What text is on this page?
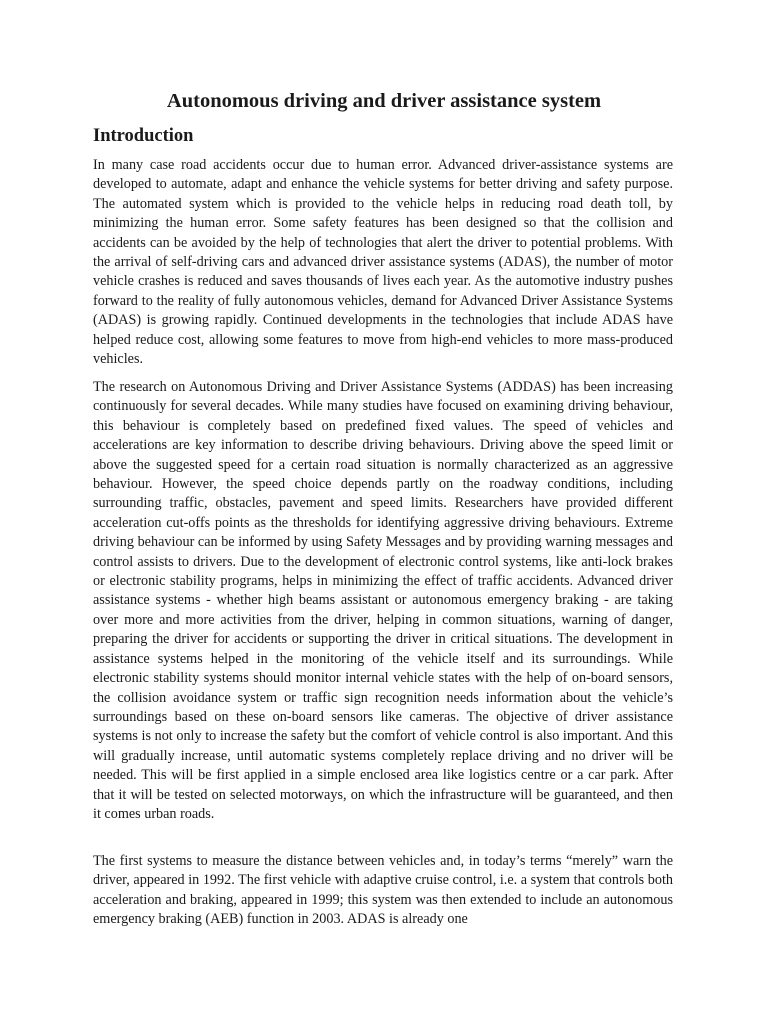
Autonomous driving and driver assistance system
Introduction

In many case road accidents occur due to human error. Advanced driver-assistance systems are developed to automate, adapt and enhance the vehicle systems for better driving and safety purpose. The automated system which is provided to the vehicle helps in reducing road death toll, by minimizing the human error. Some safety features has been designed so that the collision and accidents can be avoided by the help of technologies that alert the driver to potential problems. With the arrival of self-driving cars and advanced driver assistance systems (ADAS), the number of motor vehicle crashes is reduced and saves thousands of lives each year. As the automotive industry pushes forward to the reality of fully autonomous vehicles, demand for Advanced Driver Assistance Systems (ADAS) is growing rapidly. Continued developments in the technologies that include ADAS have helped reduce cost, allowing some features to move from high-end vehicles to more mass-produced vehicles.

The research on Autonomous Driving and Driver Assistance Systems (ADDAS) has been increasing continuously for several decades. While many studies have focused on examining driving behaviour, this behaviour is completely based on predefined fixed values. The speed of vehicles and accelerations are key information to describe driving behaviours. Driving above the speed limit or above the suggested speed for a certain road situation is normally characterized as an aggressive behaviour. However, the speed choice depends partly on the roadway conditions, including surrounding traffic, obstacles, pavement and speed limits. Researchers have provided different acceleration cut-offs points as the thresholds for identifying aggressive driving behaviours. Extreme driving behaviour can be informed by using Safety Messages and by providing warning messages and control assists to drivers. Due to the development of electronic control systems, like anti-lock brakes or electronic stability programs, helps in minimizing the effect of traffic accidents. Advanced driver assistance systems - whether high beams assistant or autonomous emergency braking - are taking over more and more activities from the driver, helping in common situations, warning of danger, preparing the driver for accidents or supporting the driver in critical situations. The development in assistance systems helped in the monitoring of the vehicle itself and its surroundings. While electronic stability systems should monitor internal vehicle states with the help of on-board sensors, the collision avoidance system or traffic sign recognition needs information about the vehicle’s surroundings based on these on-board sensors like cameras. The objective of driver assistance systems is not only to increase the safety but the comfort of vehicle control is also important. And this will gradually increase, until automatic systems completely replace driving and no driver will be needed. This will be first applied in a simple enclosed area like logistics centre or a car park. After that it will be tested on selected motorways, on which the infrastructure will be guaranteed, and then it comes urban roads.

The first systems to measure the distance between vehicles and, in today’s terms “merely” warn the driver, appeared in 1992. The first vehicle with adaptive cruise control, i.e. a system that controls both acceleration and braking, appeared in 1999; this system was then extended to include an autonomous emergency braking (AEB) function in 2003. ADAS is already one
